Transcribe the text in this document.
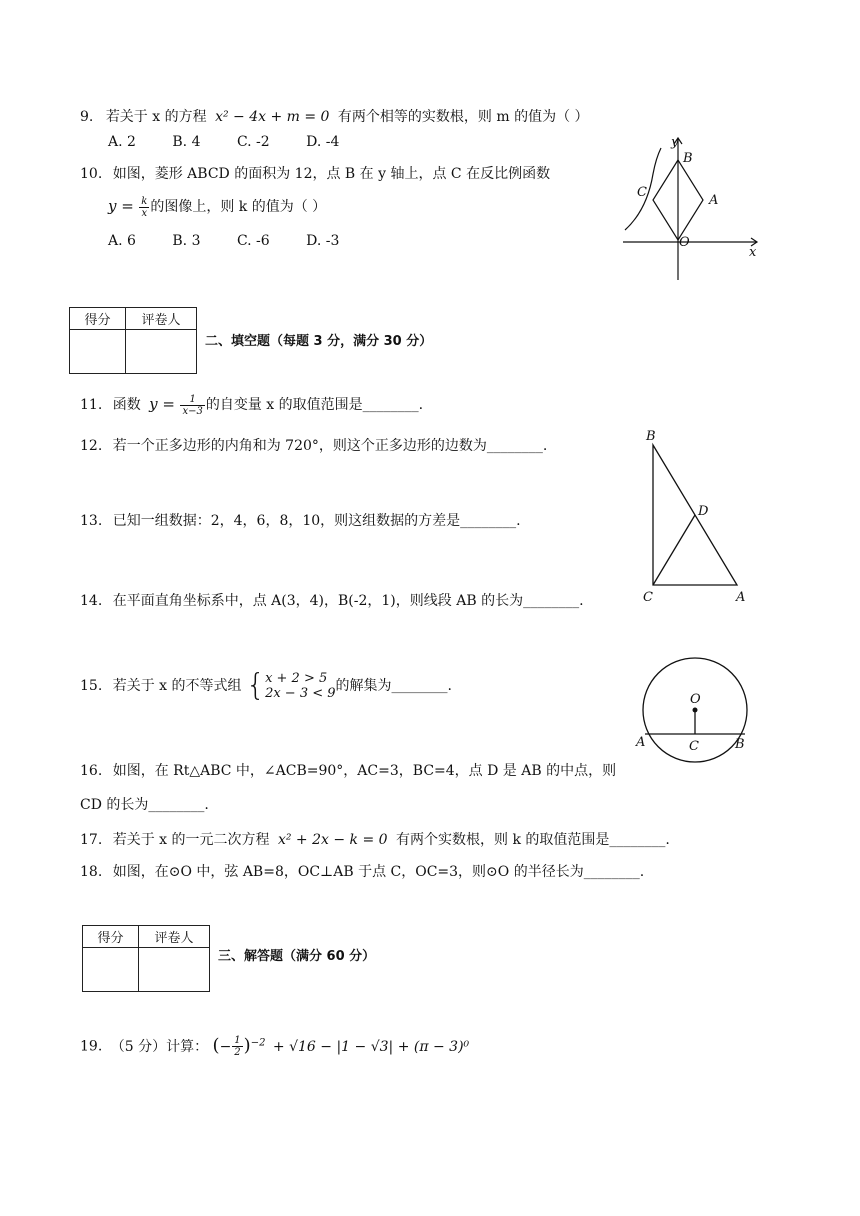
9. 若关于 x 的方程 x² − 4x + m = 0 有两个相等的实数根，则 m 的值为（ ）
A. 2	B. 4	C. -2	D. -4
10. 如图，菱形 ABCD 的面积为 12，点 B 在 y 轴上，点 C 在反比例函数
$y = \frac{k}{x}$ 的图像上，则 k 的值为（ ）
A. 6	B. 3	C. -6	D. -3
y
x
B
C
A
O
得分	评卷人

二、填空题（每题 3 分，满分 30 分）
11. 函数 $y = \frac{1}{x-3}$ 的自变量 x 的取值范围是________.
12. 若一个正多边形的内角和为 720°，则这个正多边形的边数为________.
13. 已知一组数据：2，4，6，8，10，则这组数据的方差是________.
14. 在平面直角坐标系中，点 A(3，4)，B(-2，1)，则线段 AB 的长为________.
B
D
C	A
15. 若关于 x 的不等式组 { x + 2 > 5
2x − 3 < 9 的解集为________.
O
A	C	B
16. 如图，在 Rt△ABC 中，∠ACB=90°，AC=3，BC=4，点 D 是 AB 的中点，则
CD 的长为________.
17. 若关于 x 的一元二次方程 x² + 2x − k = 0 有两个实数根，则 k 的取值范围是________.
18. 如图，在⊙O 中，弦 AB=8，OC⊥AB 于点 C，OC=3，则⊙O 的半径长为________.
得分	评卷人

三、解答题（满分 60 分）
19. （5 分）计算： (− $\frac{1}{2} )^{-2} + √16 - |1 - √3| + (\pi - 3)^0$
